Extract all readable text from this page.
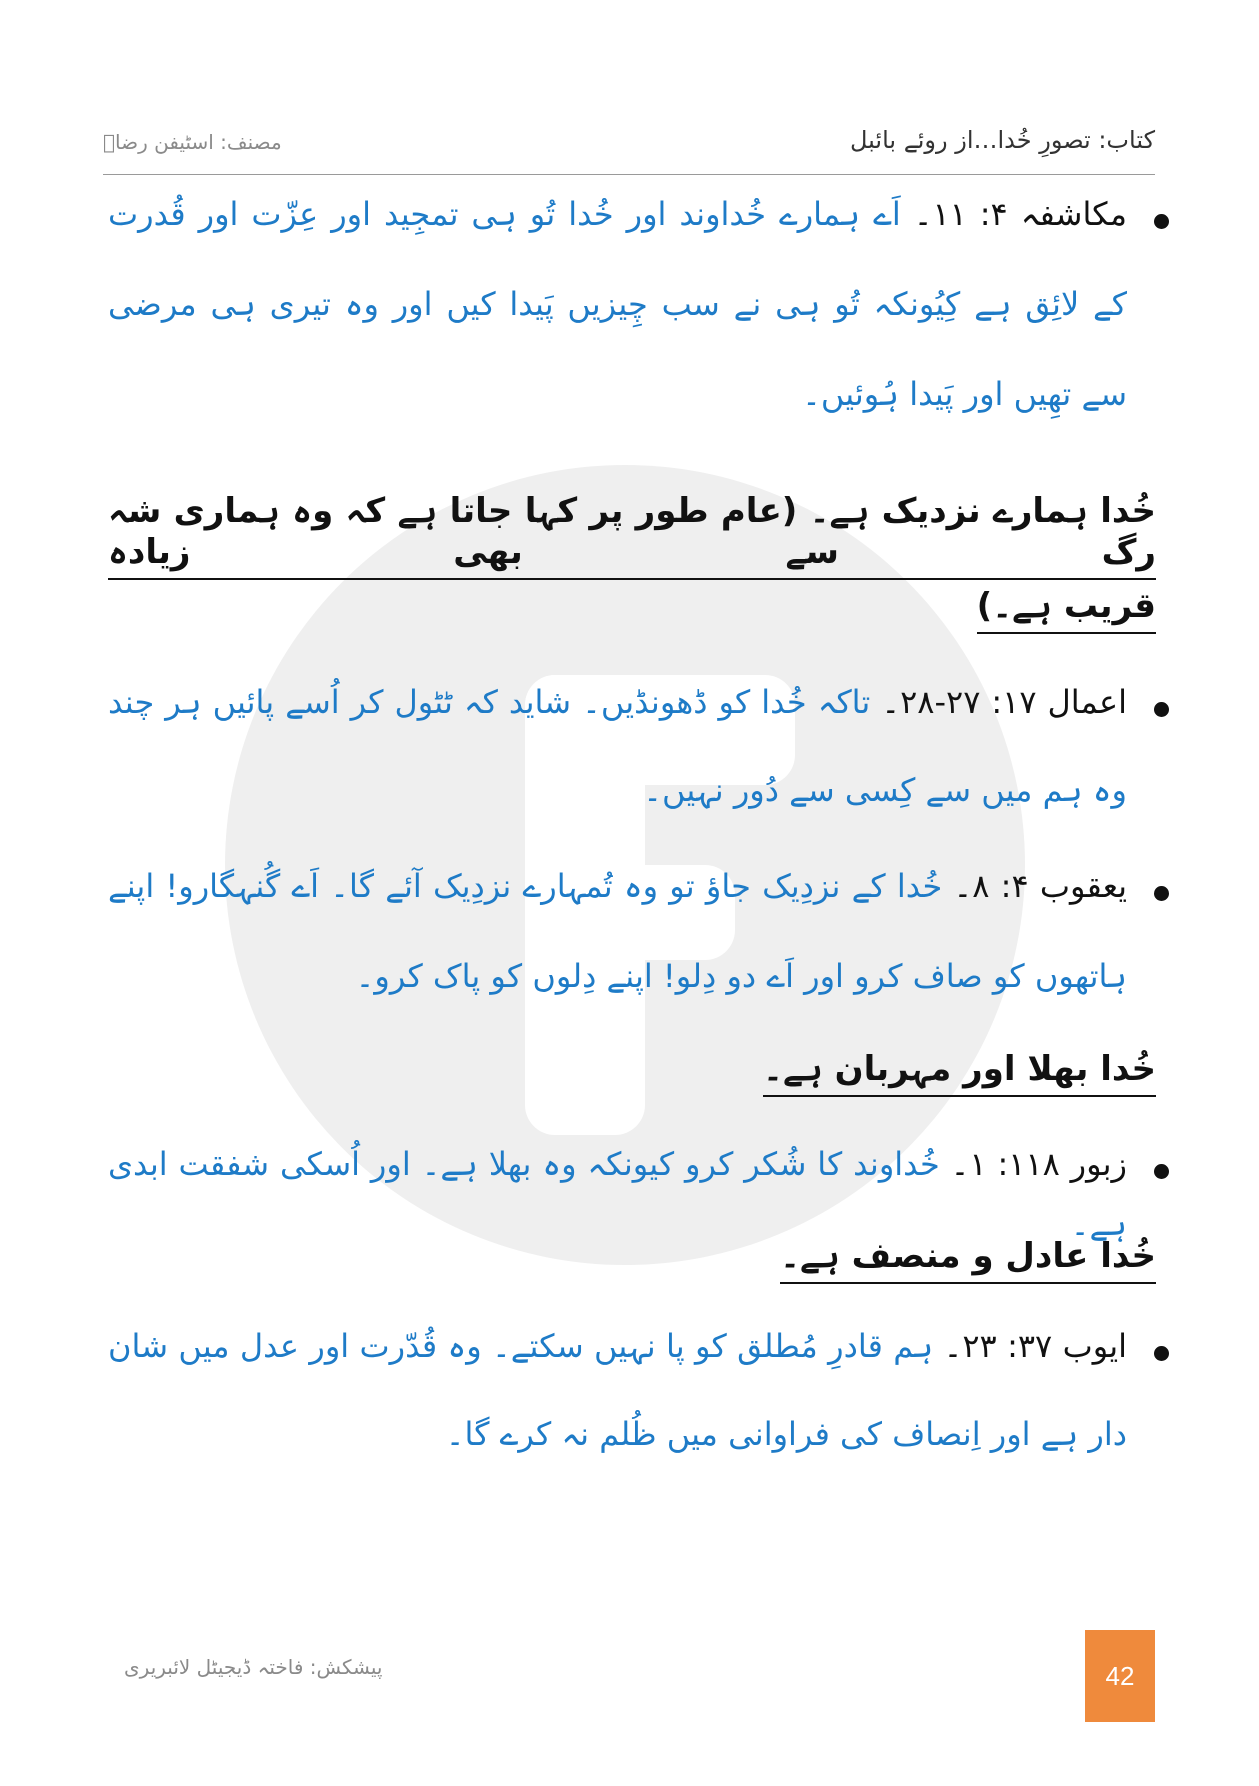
کتاب: تصورِ خُدا…از روئے بائبل
مصنف: اسٹیفن رضاؔ
مکاشفہ ۴: ۱۱۔ اَے ہمارے خُداوند اور خُدا تُو ہی تمجِید اور عِزّت اور قُدرت کے لائِق ہے کِیُونکہ تُو ہی نے سب چِیزیں پَیدا کیں اور وہ تیری ہی مرضی سے تھِیں اور پَیدا ہُوئیں۔
خُدا ہمارے نزدیک ہے۔ (عام طور پر کہا جاتا ہے کہ وہ ہماری شہ رگ سے بھی زیادہ
قریب ہے۔)
اعمال ۱۷: ۲۷-۲۸۔ تاکہ خُدا کو ڈھونڈیں۔ شاید کہ ٹٹول کر اُسے پائیں ہر چند وہ ہم میں سے کِسی سے دُور نہیں۔
یعقوب ۴: ۸۔ خُدا کے نزدِیک جاؤ تو وہ تُمہارے نزدِیک آئے گا۔ اَے گُنہگارو! اپنے ہاتھوں کو صاف کرو اور اَے دو دِلو! اپنے دِلوں کو پاک کرو۔
خُدا بھلا اور مہربان ہے۔
زبور ۱۱۸: ۱۔ خُداوند کا شُکر کرو کیونکہ وہ بھلا ہے۔ اور اُسکی شفقت ابدی ہے۔
خُدا عادل و منصف ہے۔
ایوب ۳۷: ۲۳۔ ہم قادرِ مُطلق کو پا نہیں سکتے۔ وہ قُدّرت اور عدل میں شان دار ہے اور اِنصاف کی فراوانی میں ظُلم نہ کرے گا۔
پیشکش: فاختہ ڈیجیٹل لائبریری	42
